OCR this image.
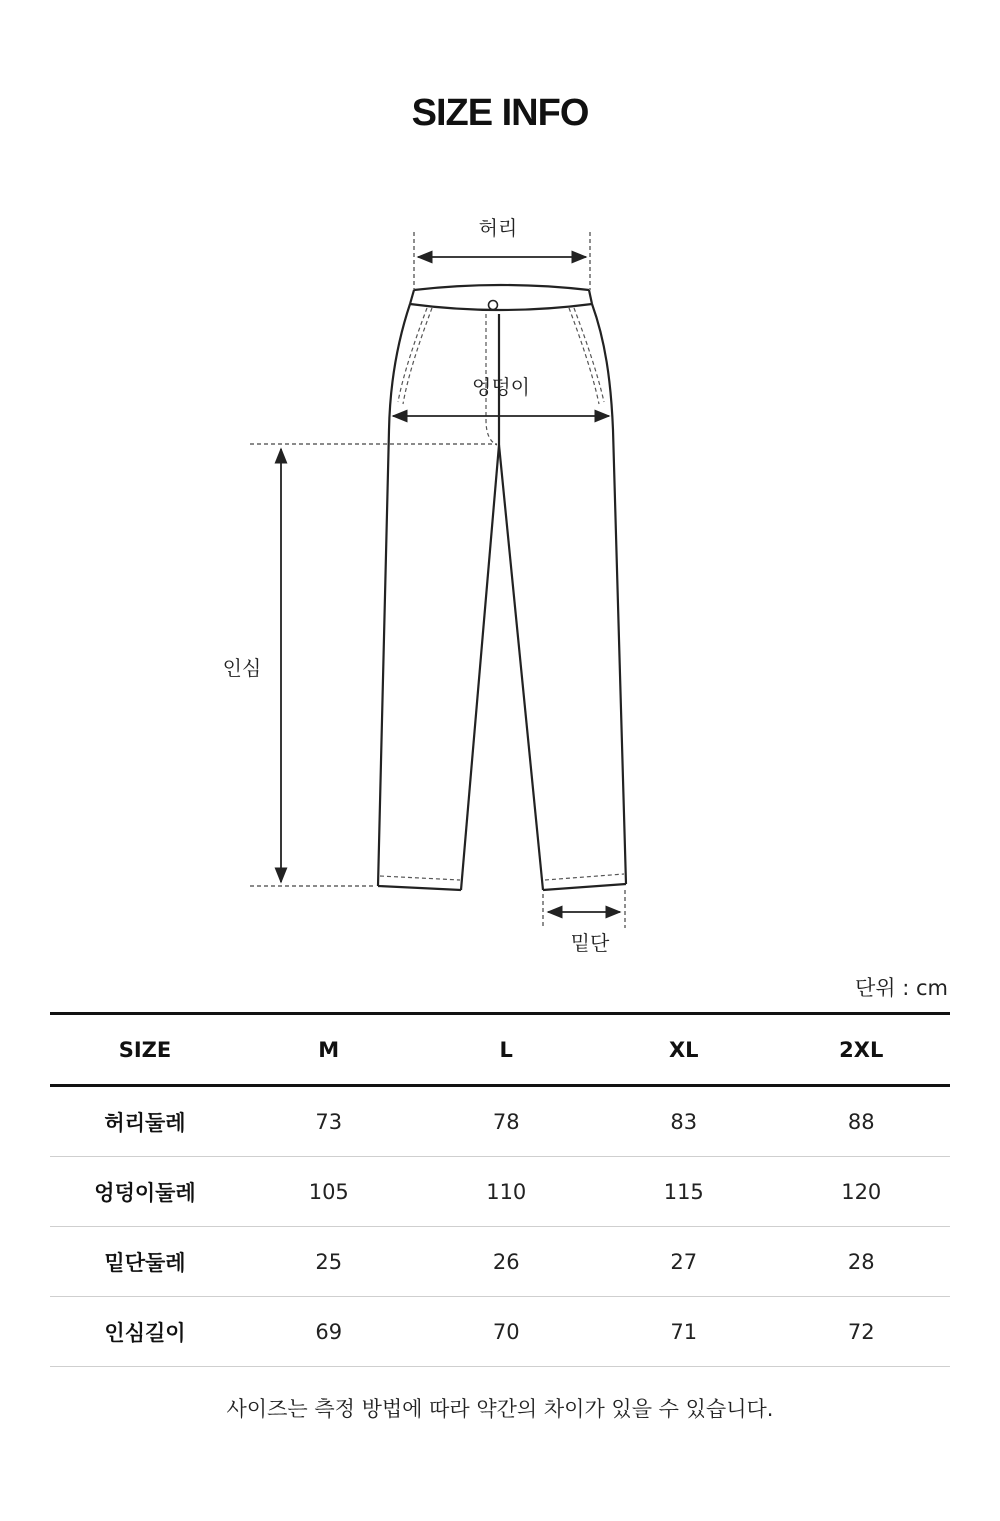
SIZE INFO
허리
엉덩이
인심
밑단
단위 : cm
SIZE	M	L	XL	2XL
허리둘레	73	78	83	88
엉덩이둘레	105	110	115	120
밑단둘레	25	26	27	28
인심길이	69	70	71	72
사이즈는 측정 방법에 따라 약간의 차이가 있을 수 있습니다.
